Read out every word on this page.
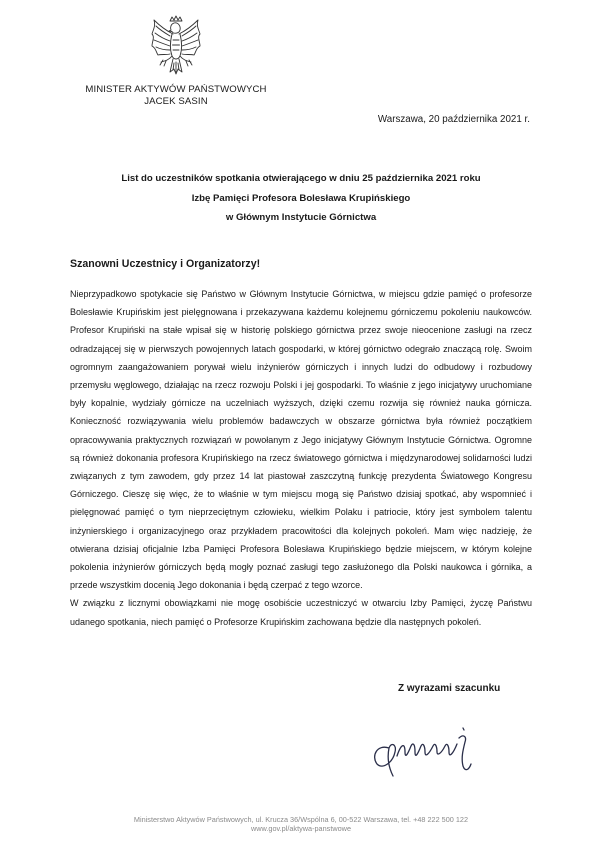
MINISTER AKTYWÓW PAŃSTWOWYCH
JACEK SASIN
Warszawa, 20 października 2021 r.
List do uczestników spotkania otwierającego w dniu 25 października 2021 roku
Izbę Pamięci Profesora Bolesława Krupińskiego
w Głównym Instytucie Górnictwa
Szanowni Uczestnicy i Organizatorzy!

Nieprzypadkowo spotykacie się Państwo w Głównym Instytucie Górnictwa, w miejscu gdzie pamięć o profesorze Bolesławie Krupińskim jest pielęgnowana i przekazywana każdemu kolejnemu górniczemu pokoleniu naukowców. Profesor Krupiński na stałe wpisał się w historię polskiego górnictwa przez swoje nieocenione zasługi na rzecz odradzającej się w pierwszych powojennych latach gospodarki, w której górnictwo odegrało znaczącą rolę. Swoim ogromnym zaangażowaniem porywał wielu inżynierów górniczych i innych ludzi do odbudowy i rozbudowy przemysłu węglowego, działając na rzecz rozwoju Polski i jej gospodarki. To właśnie z jego inicjatywy uruchomiane były kopalnie, wydziały górnicze na uczelniach wyższych, dzięki czemu rozwija się również nauka górnicza. Konieczność rozwiązywania wielu problemów badawczych w obszarze górnictwa była również początkiem opracowywania praktycznych rozwiązań w powołanym z Jego inicjatywy Głównym Instytucie Górnictwa. Ogromne są również dokonania profesora Krupińskiego na rzecz światowego górnictwa i międzynarodowej solidarności ludzi związanych z tym zawodem, gdy przez 14 lat piastował zaszczytną funkcję prezydenta Światowego Kongresu Górniczego. Cieszę się więc, że to właśnie w tym miejscu mogą się Państwo dzisiaj spotkać, aby wspomnieć i pielęgnować pamięć o tym nieprzeciętnym człowieku, wielkim Polaku i patriocie, który jest symbolem talentu inżynierskiego i organizacyjnego oraz przykładem pracowitości dla kolejnych pokoleń. Mam więc nadzieję, że otwierana dzisiaj oficjalnie Izba Pamięci Profesora Bolesława Krupińskiego będzie miejscem, w którym kolejne pokolenia inżynierów górniczych będą mogły poznać zasługi tego zasłużonego dla Polski naukowca i górnika, a przede wszystkim docenią Jego dokonania i będą czerpać z tego wzorce.

W związku z licznymi obowiązkami nie mogę osobiście uczestniczyć w otwarciu Izby Pamięci, życzę Państwu udanego spotkania, niech pamięć o Profesorze Krupińskim zachowana będzie dla następnych pokoleń.

Z wyrazami szacunku
Ministerstwo Aktywów Państwowych, ul. Krucza 36/Wspólna 6, 00-522 Warszawa, tel. +48 222 500 122
www.gov.pl/aktywa-panstwowe
